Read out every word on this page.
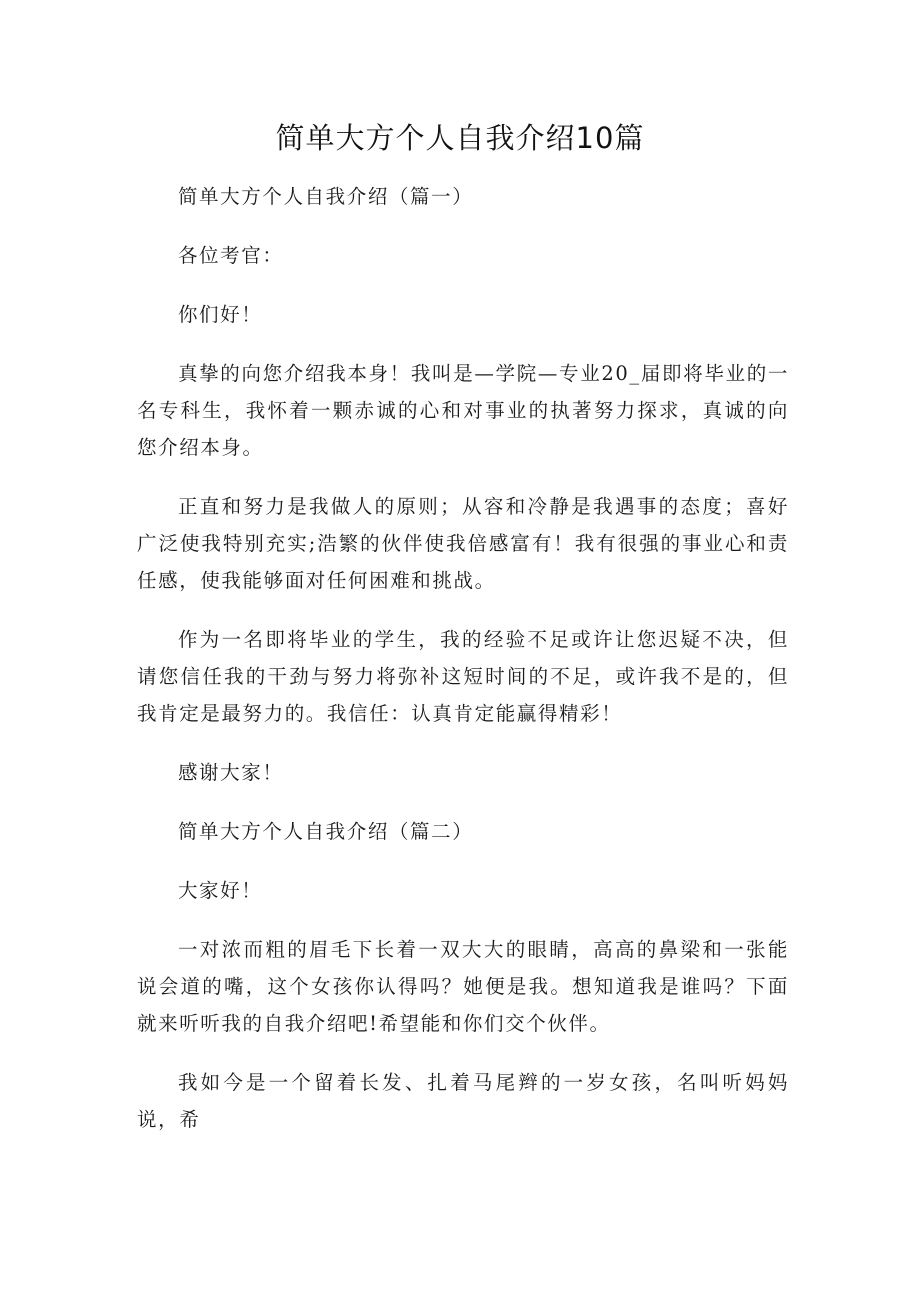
简单大方个人自我介绍10篇

简单大方个人自我介绍（篇一）

各位考官：

你们好！

真挚的向您介绍我本身！我叫是—学院—专业20_届即将毕业的一名专科生，我怀着一颗赤诚的心和对事业的执著努力探求，真诚的向您介绍本身。

正直和努力是我做人的原则；从容和冷静是我遇事的态度；喜好广泛使我特别充实;浩繁的伙伴使我倍感富有！我有很强的事业心和责任感，使我能够面对任何困难和挑战。

作为一名即将毕业的学生，我的经验不足或许让您迟疑不决，但请您信任我的干劲与努力将弥补这短时间的不足，或许我不是的，但我肯定是最努力的。我信任：认真肯定能赢得精彩！

感谢大家！

简单大方个人自我介绍（篇二）

大家好！

一对浓而粗的眉毛下长着一双大大的眼睛，高高的鼻梁和一张能说会道的嘴，这个女孩你认得吗？她便是我。想知道我是谁吗？下面就来听听我的自我介绍吧!希望能和你们交个伙伴。

我如今是一个留着长发、扎着马尾辫的一岁女孩，名叫听妈妈说，希
